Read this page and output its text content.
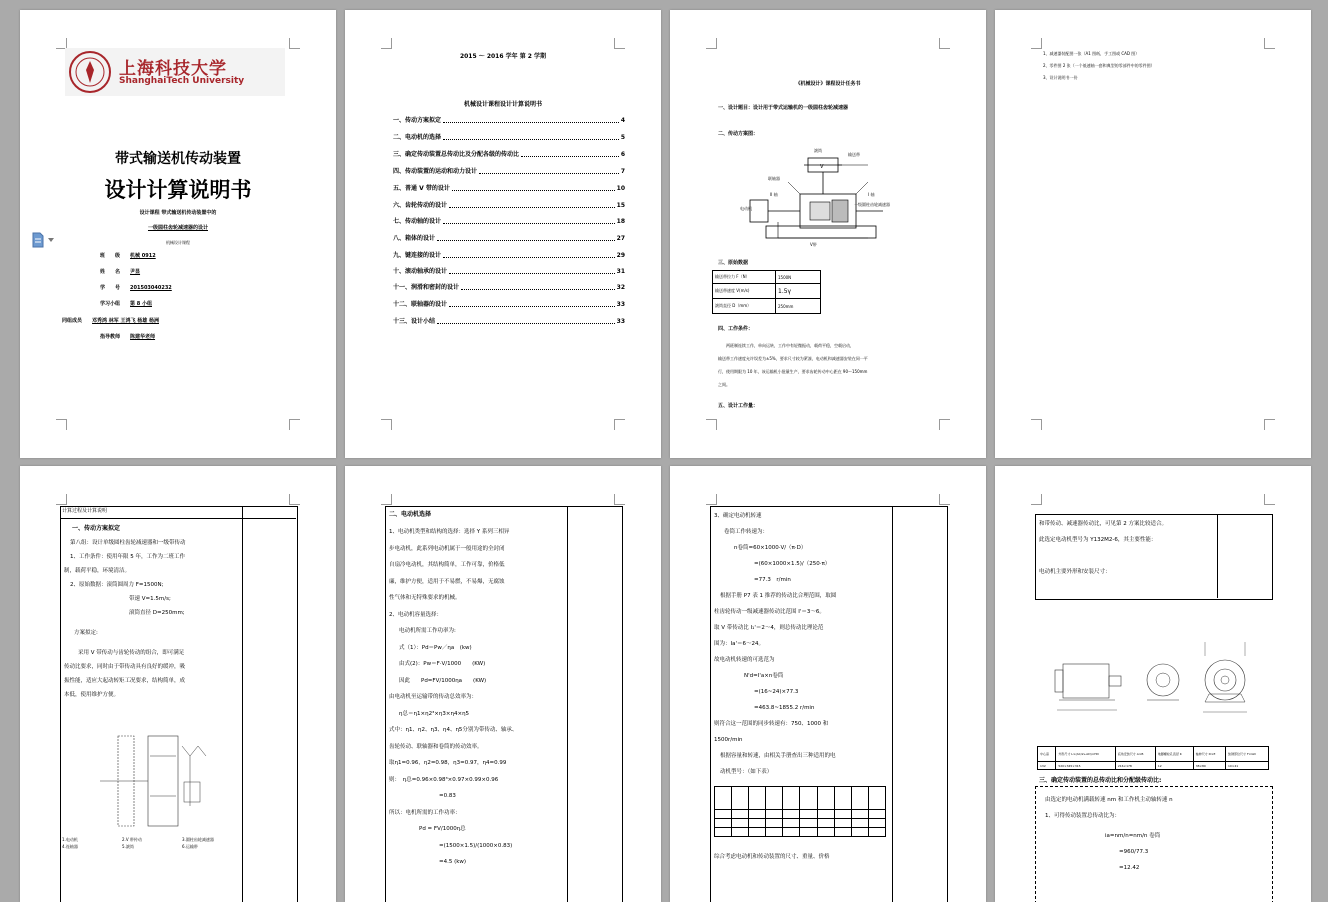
上海科技大学
ShanghaiTech University
带式输送机传动装置
设计计算说明书
设计课程 带式输送机传动装置中的
一级圆柱齿轮减速器的设计
机械设计课程
班　　级　　 机械 0912
姓　　名　　 尹显
学　　号　　 201503040232
学习小组　　 第 8 小组
同组成员　　 邓秀鸿 林军 王鸿飞 杨雄 杨洲
指导教师　　 陈建华老师
2015 ～ 2016 学年 第 2 学期
机械设计课程设计计算说明书
一、传动方案拟定	4
二、电动机的选择	5
三、确定传动装置总传动比及分配各级的传动比	6
四、传动装置的运动和动力设计	7
五、普通 V 带的设计	10
六、齿轮传动的设计	15
七、传动轴的设计	18
八、箱体的设计	27
九、键连接的设计	29
十、滚动轴承的设计	31
十一、润滑和密封的设计	32
十二、联轴器的设计	33
十三、设计小结	33
《机械设计》课程设计任务书
一、设计题目：设计用于带式运输机的一级圆柱齿轮减速器
二、传动方案图：
滚筒
输送带
联轴器
II 轴	I 轴
电动机
一级圆柱齿轮减速器
V带
V
三、原始数据
输送带拉力 F（N）	1500N
输送带速度 V(m/s)	1.5γ
滚筒直径 D（mm）	250mm
四、工作条件：
两班制连续工作，单向运转，工作中有轻微振动，载荷平稳，空载启动，
输送带工作速度允许误差为±5%，要求尺寸较为紧凑，电动机和减速器安装在同一平
行，使用期限为 10 年，该运输机小批量生产，要求齿轮传动中心距在 90～150mm
之间。
五、设计工作量：
1、减速器装配图一张（A1 图纸，手工图或 CAD 图）
2、零件图 2 张（一个低速轴一套和典型的零部件中的零件图）
3、设计说明书一份
计算过程及计算说明
一、传动方案拟定
第八组：设计单级圆柱齿轮减速器和一级带传动
1、工作条件：使用年限 5 年，工作为二班工作
制，载荷平稳，环境清洁。
2、原始数据：滚筒圆周力 F=1500N;
带速 V=1.5m/s;
滚筒直径 D=250mm;
方案拟定:
采用 V 带传动与齿轮传动的组合，即可满足
传动比要求，同时由于带传动具有良好的缓冲，吸
振性能，适应大起动转矩工况要求，结构简单，成
本低，使用维护方便。
1.电动机	2.V 带传动	3.圆柱齿轮减速器
4.连轴器	5.滚筒	6.运输带
二、电动机选择
1、电动机类型和结构的选择：选择 Y 系列三相异
步电动机，此系列电动机属于一般用途的全封闭
自扇冷电动机，其结构简单，工作可靠，价格低
廉，维护方便，适用于不易燃，不易爆，无腐蚀
性气体和无特殊要求的机械。
2、电动机容量选择：
电动机所需工作功率为:
式（1）：Pd＝Pw／ηa　(kw)
由式(2)：Pw＝F·V/1000　　(KW)
因此　　Pd=FV/1000ηa　　(KW)
由电动机至运输带的传动总效率为：
η总＝η1×η2³×η3×η4×η5
式中：η1、η2、η3、η4、η5分别为带传动、轴承、
齿轮传动、联轴器和卷筒的传动效率。
取η1=0.96，η2=0.98，η3=0.97，η4=0.99
则：　η总=0.96×0.98³×0.97×0.99×0.96
=0.83
所以：电机所需的工作功率：
Pd = FV/1000η总
=(1500×1.5)/(1000×0.83)
=4.5 (kw)
3、确定电动机转速
卷筒工作转速为：
n卷筒=60×1000·V/（π·D）
=(60×1000×1.5)/（250·π）
=77.3　r/min
根据手册 P7 表 1 推荐的传动比合理范围，取圆
柱齿轮传动一级减速器传动比范围 I'＝3～6。
取 V 带传动比 I₁'＝2～4，则总传动比理论范
围为：Ia'＝6～24。
故电动机转速的可选范为
N'd=I'a×n卷筒
=(16~24)×77.3
=463.8~1855.2 r/min
则符合这一范围的同步转速有：750、1000 和
1500r/min
根据容量和转速，由相关手册查出三种适用的电
动机型号：（如下表）

综合考虑电动机和传动装置的尺寸、重量、价格
和带传动、减速器传动比，可见第 2 方案比较适合。
此选定电动机型号为 Y132M2-6，其主要性能：
电动机主要外形和安装尺寸：
中心高	外形尺寸 L×(AC/2+AD)×HD	底角安装尺寸 A×B	地脚螺栓孔直径 K	轴伸尺寸 D×E	装键部位尺寸 F×GD
132	520×345×315	216×178	12	38×80	10×41
三、确定传动装置的总传动比和分配级传动比:
由选定的电动机满载转速 nm 和工作机主动轴转速 n
1、可得传动装置总传动比为：
ia=nm/n=nm/n 卷筒
=960/77.3
=12.42
